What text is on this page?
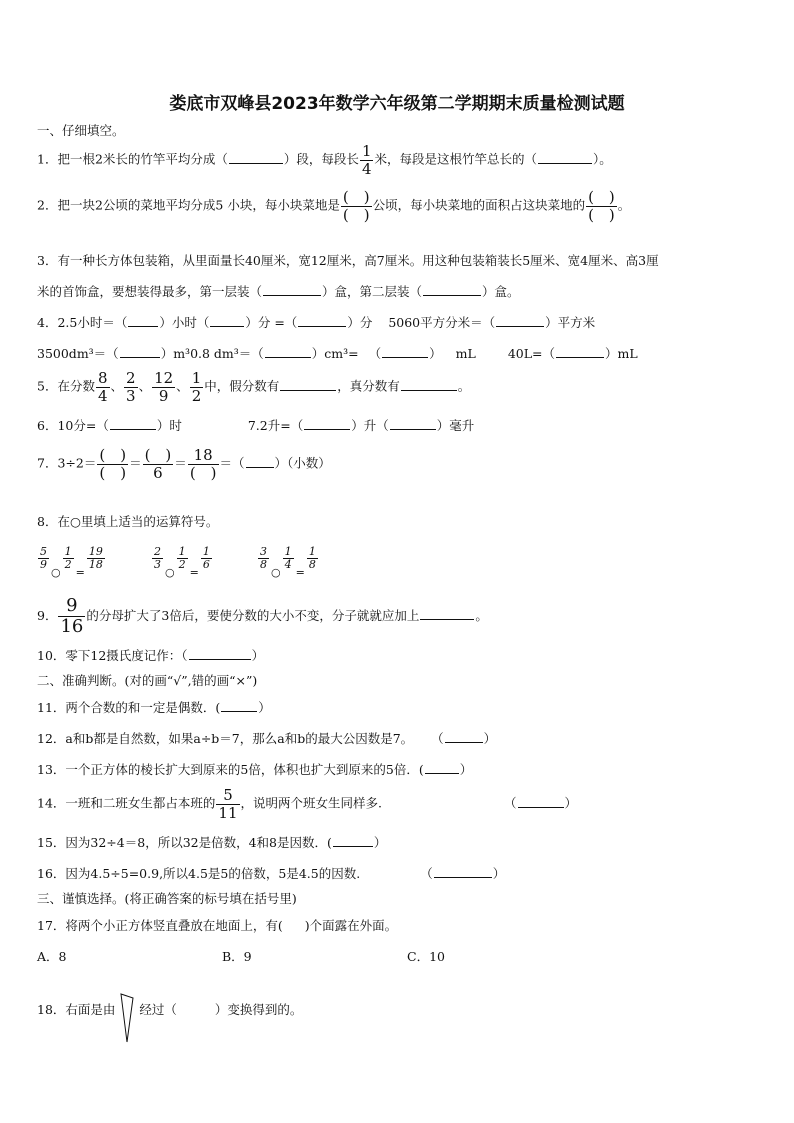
娄底市双峰县2023年数学六年级第二学期期末质量检测试题
一、仔细填空。
1．把一根2米长的竹竿平均分成（	）段，每段长 $\frac{1}{4}$ 米，每段是这根竹竿总长的（	）。
2．把一块2公顷的菜地平均分成5 小块，每小块菜地是 $\frac{( )}{( )}$ 公顷，每小块菜地的面积占这块菜地的 $\frac{( )}{( )}$ 。
3．有一种长方体包装箱，从里面量长40厘米，宽12厘米，高7厘米。用这种包装箱装长5厘米、宽4厘米、高3厘
米的首饰盒，要想装得最多，第一层装（	）盒，第二层装（	）盒。
4．2.5小时＝（	）小时（	）分 =（	）分 5060平方分米＝（	）平方米
3500dm³＝（	）m³0.8 dm³＝（	）cm³= （	） mL	40L=（	）mL
5．在分数 $\frac{8}{4}$ 、 $\frac{2}{3}$ 、 $\frac{12}{9}$ 、 $\frac{1}{2}$ 中，假分数有	，真分数有	。
6．10分=（	）时	7.2升=（	）升（	）毫升
7．$3\div 2= \frac{( )}{( )} = \frac{( )}{6} = \frac{18}{( )}$ ＝（ ）（小数）
8．在○里填上适当的运算符号。
$\frac{5}{9}$
○
$\frac{1}{2}$
=
$\frac{19}{18}$	$\frac{2}{3}$
○
$\frac{1}{2}$
=
$\frac{1}{6}$	$\frac{3}{8}$
○
$\frac{1}{4}$
=
$\frac{1}{8}$
9． $\frac{9}{16}$ 的分母扩大了3倍后，要使分数的大小不变，分子就就应加上	。
10．零下12摄氏度记作：（	）
二、准确判断。(对的画“√”,错的画“×”)
11．两个合数的和一定是偶数．(	）
12．a和b都是自然数，如果a÷b＝7，那么a和b的最大公因数是7。 （	）
13．一个正方体的棱长扩大到原来的5倍，体积也扩大到原来的5倍．(	）
14．一班和二班女生都占本班的 $\frac{5}{11}$ ，说明两个班女生同样多.	（	）
15．因为32÷4＝8，所以32是倍数，4和8是因数．(	）
16．因为4.5÷5=0.9,所以4.5是5的倍数，5是4.5的因数.	（	）
三、谨慎选择。(将正确答案的标号填在括号里)
17．将两个小正方体竖直叠放在地面上，有( )个面露在外面。
A．8	B．9	C．10
18．右面是由 经过（	）变换得到的。
